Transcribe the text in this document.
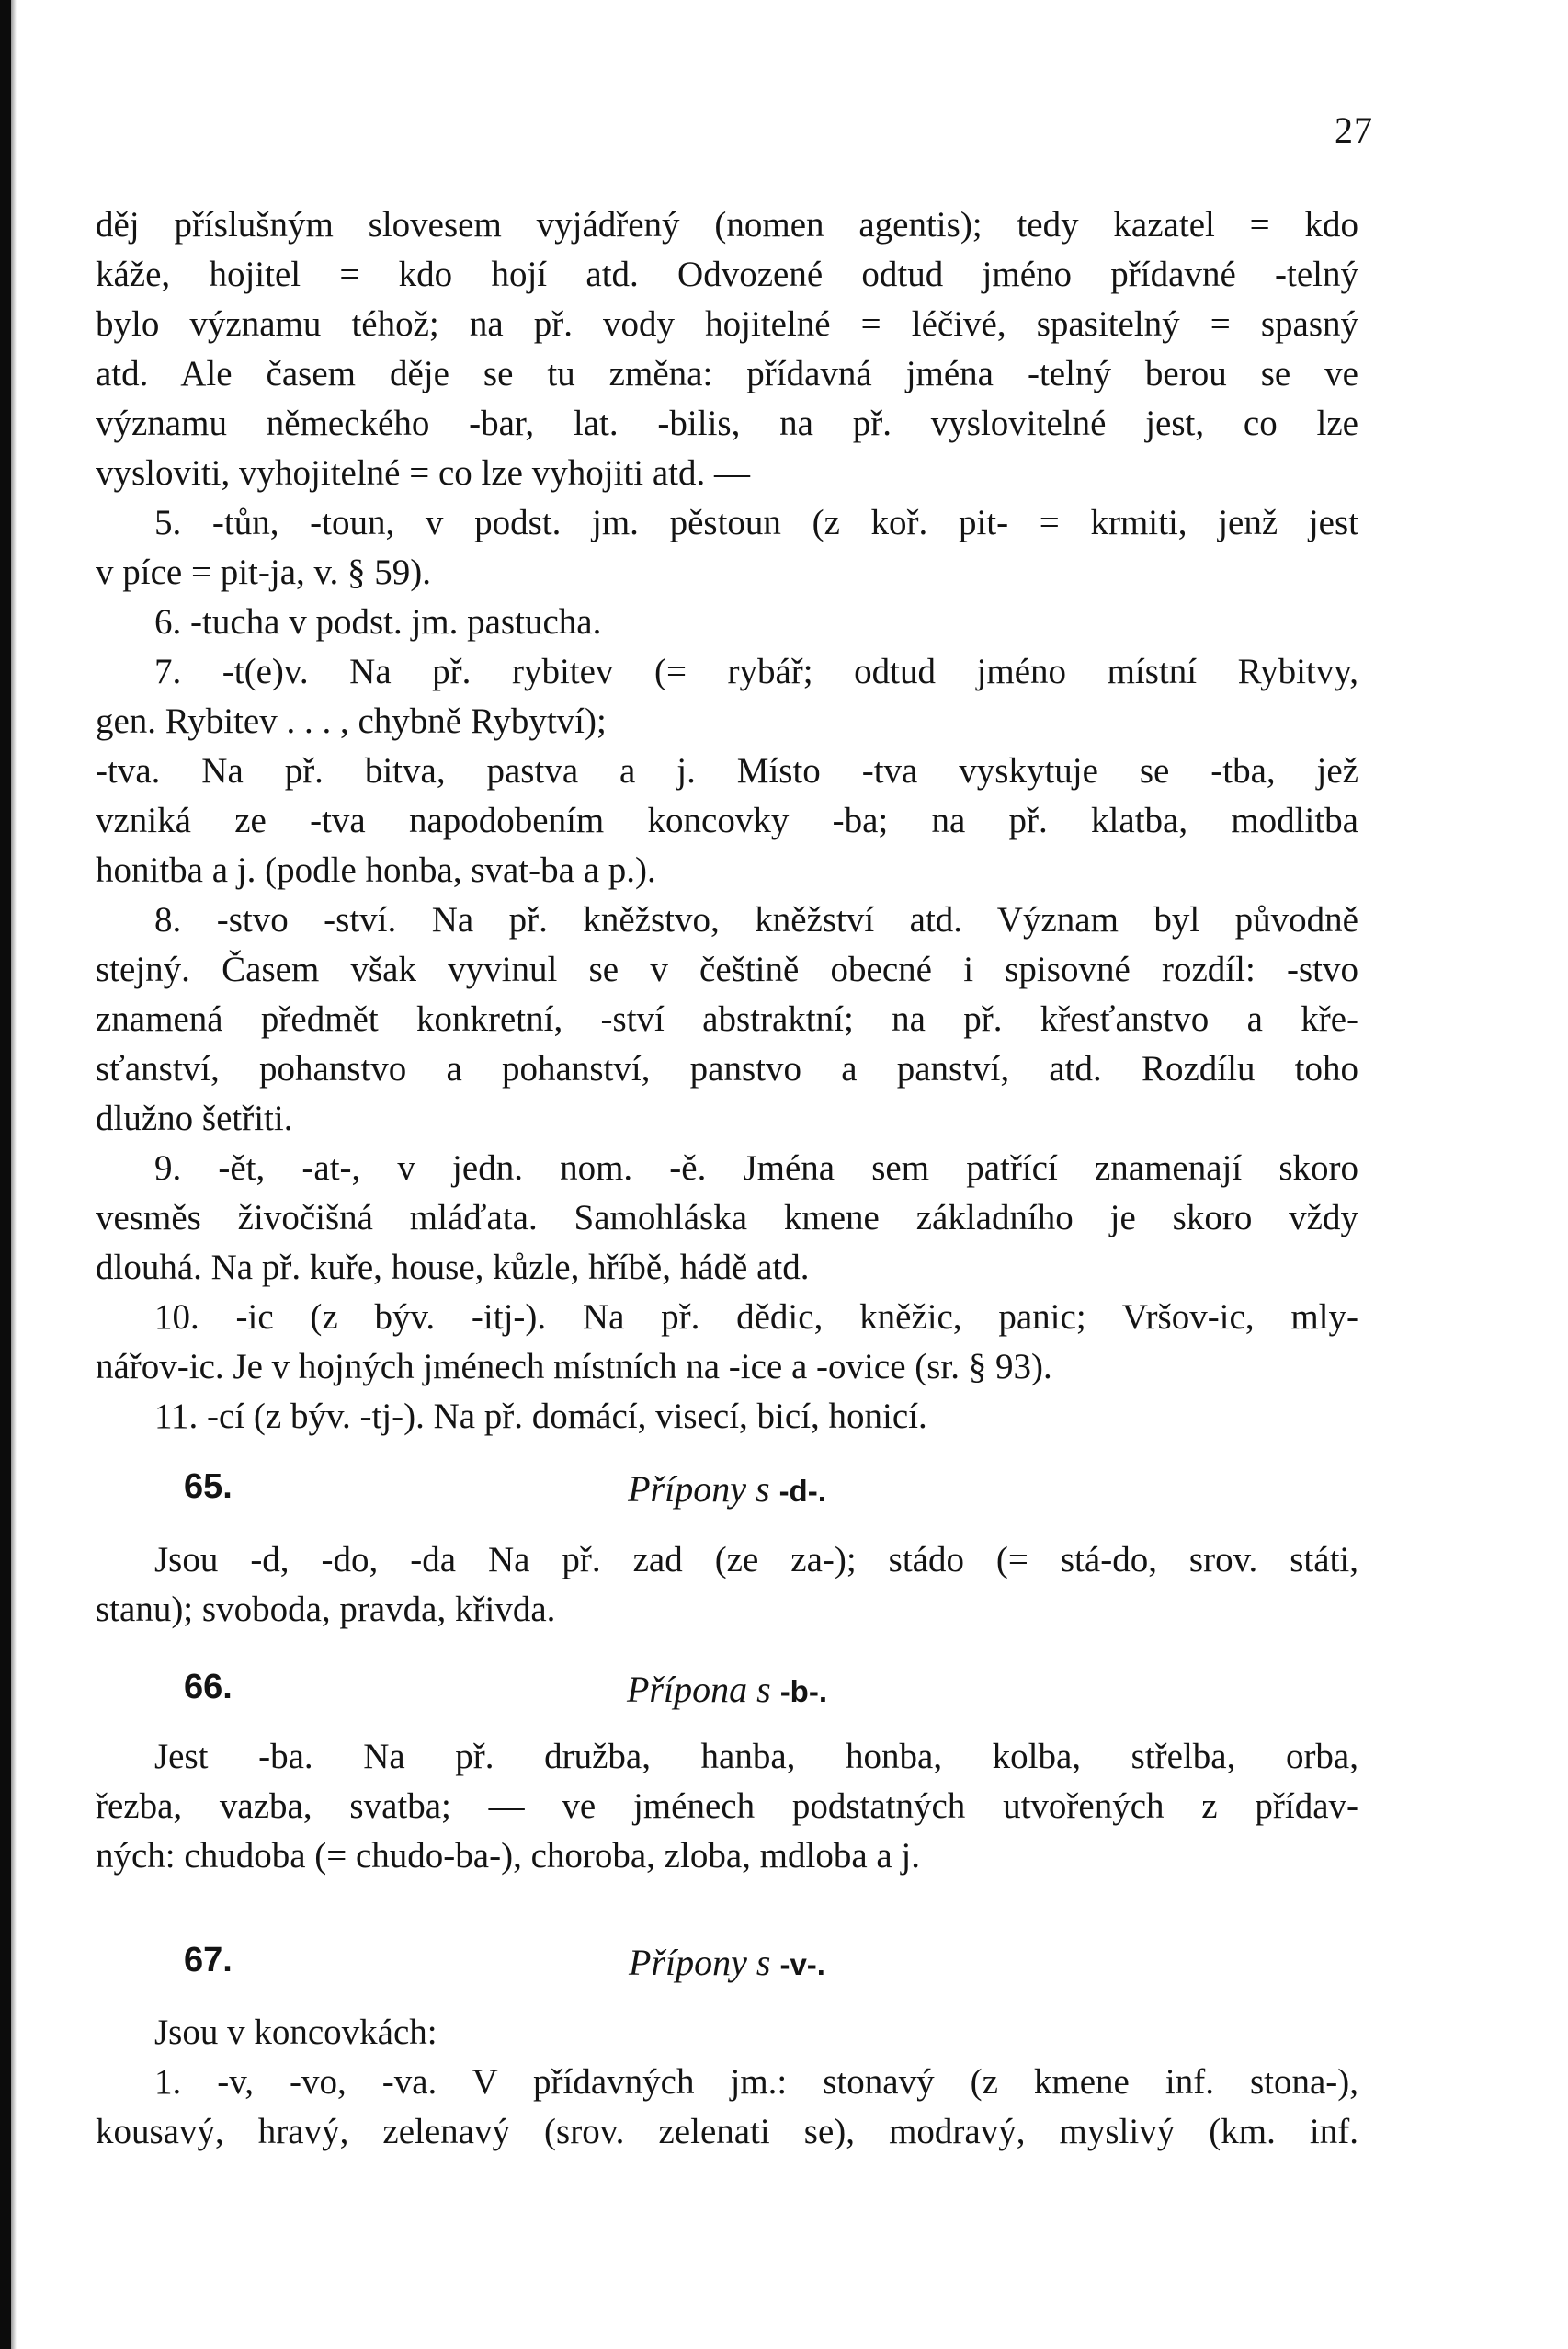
27
děj příslušným slovesem vyjádřený (nomen agentis); tedy kazatel = kdo
káže, hojitel = kdo hojí atd. Odvozené odtud jméno přídavné -telný
bylo významu téhož; na př. vody hojitelné = léčivé, spasitelný = spasný
atd. Ale časem děje se tu změna: přídavná jména -telný berou se ve
významu německého -bar, lat. -bilis, na př. vyslovitelné jest, co lze
vysloviti, vyhojitelné = co lze vyhojiti atd. —
5. -tůn, -toun, v podst. jm. pěstoun (z koř. pit- = krmiti, jenž jest
v píce = pit-ja, v. § 59).
6. -tucha v podst. jm. pastucha.
7. -t(e)v. Na př. rybitev (= rybář; odtud jméno místní Rybitvy,
gen. Rybitev . . . , chybně Rybytví);
-tva. Na př. bitva, pastva a j. Místo -tva vyskytuje se -tba, jež
vzniká ze -tva napodobením koncovky -ba; na př. klatba, modlitba
honitba a j. (podle honba, svat-ba a p.).
8. -stvo -ství. Na př. kněžstvo, kněžství atd. Význam byl původně
stejný. Časem však vyvinul se v češtině obecné i spisovné rozdíl: -stvo
znamená předmět konkretní, -ství abstraktní; na př. křesťanstvo a kře-
sťanství, pohanstvo a pohanství, panstvo a panství, atd. Rozdílu toho
dlužno šetřiti.
9. -ět, -at-, v jedn. nom. -ě. Jména sem patřící znamenají skoro
vesměs živočišná mláďata. Samohláska kmene základního je skoro vždy
dlouhá. Na př. kuře, house, kůzle, hříbě, hádě atd.
10. -ic (z býv. -itj-). Na př. dědic, kněžic, panic; Vršov-ic, mly-
nářov-ic. Je v hojných jménech místních na -ice a -ovice (sr. § 93).
11. -cí (z býv. -tj-). Na př. domácí, visecí, bicí, honicí.
65.	Přípony s -d-.
Jsou -d, -do, -da Na př. zad (ze za-); stádo (= stá-do, srov. státi,
stanu); svoboda, pravda, křivda.
66.	Přípona s -b-.
Jest -ba. Na př. družba, hanba, honba, kolba, střelba, orba,
řezba, vazba, svatba; — ve jménech podstatných utvořených z přídav-
ných: chudoba (= chudo-ba-), choroba, zloba, mdloba a j.
67.	Přípony s -v-.
Jsou v koncovkách:
1. -v, -vo, -va. V přídavných jm.: stonavý (z kmene inf. stona-),
kousavý, hravý, zelenavý (srov. zelenati se), modravý, myslivý (km. inf.
